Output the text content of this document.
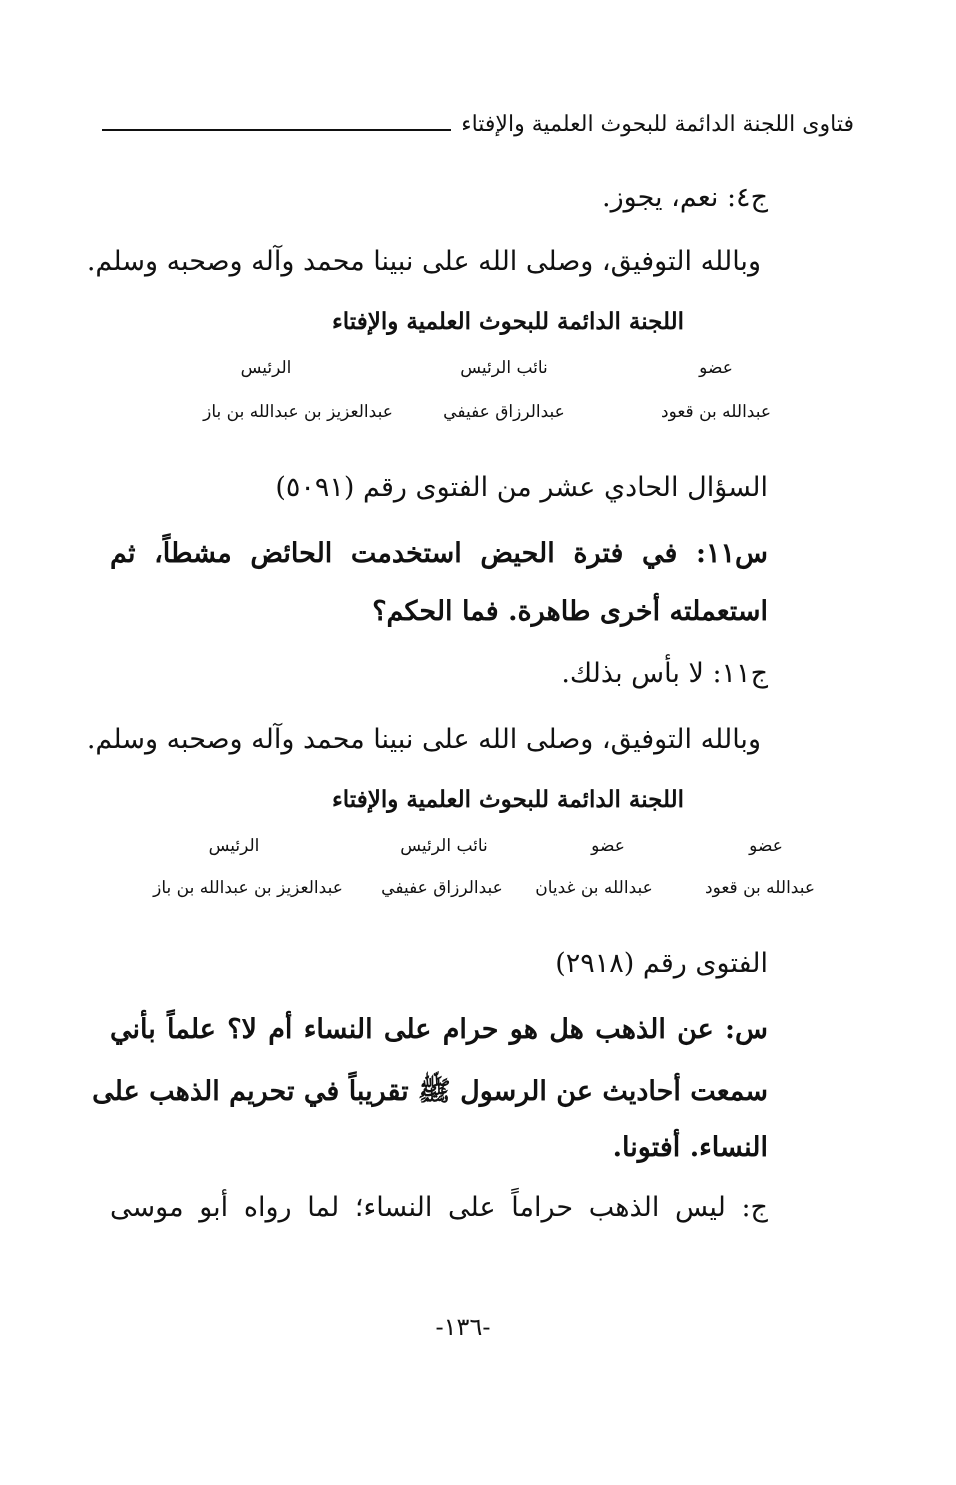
فتاوى اللجنة الدائمة للبحوث العلمية والإفتاء
ج٤: نعم، يجوز.
وبالله التوفيق، وصلى الله على نبينا محمد وآله وصحبه وسلم.
اللجنة الدائمة للبحوث العلمية والإفتاء
عضو
نائب الرئيس
الرئيس
عبدالله بن قعود
عبدالرزاق عفيفي
عبدالعزيز بن عبدالله بن باز
السؤال الحادي عشر من الفتوى رقم (٥٠٩١)
س١١: في فترة الحيض استخدمت الحائض مشطاً، ثم
استعملته أخرى طاهرة. فما الحكم؟
ج١١: لا بأس بذلك.
وبالله التوفيق، وصلى الله على نبينا محمد وآله وصحبه وسلم.
اللجنة الدائمة للبحوث العلمية والإفتاء
عضو
عضو
نائب الرئيس
الرئيس
عبدالله بن قعود
عبدالله بن غديان
عبدالرزاق عفيفي
عبدالعزيز بن عبدالله بن باز
الفتوى رقم (٢٩١٨)
س: عن الذهب هل هو حرام على النساء أم لا؟ علماً بأني
سمعت أحاديث عن الرسول ﷺ تقريباً في تحريم الذهب على
النساء. أفتونا.
ج: ليس الذهب حراماً على النساء؛ لما رواه أبو موسى
-١٣٦-
